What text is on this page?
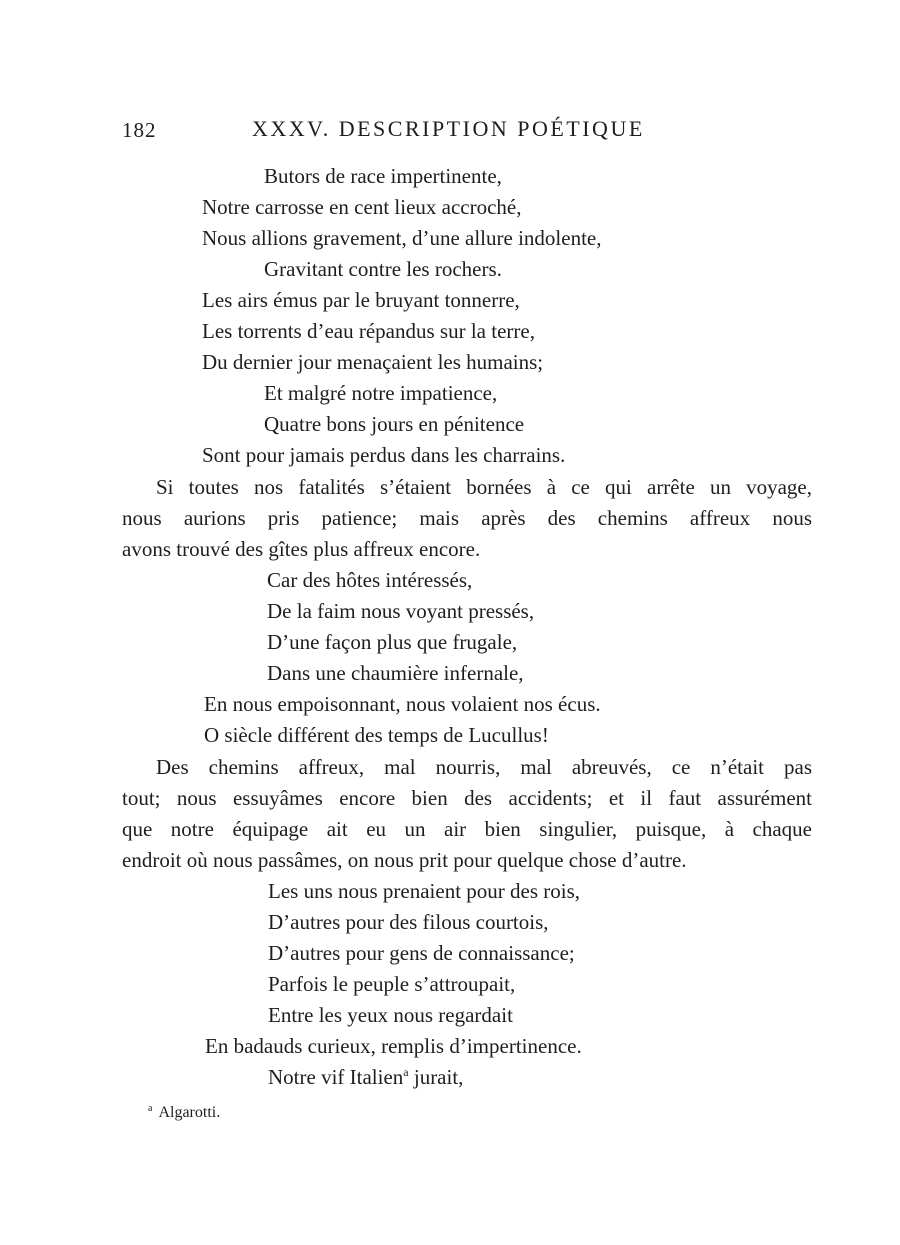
182	XXXV. DESCRIPTION POÉTIQUE
Butors de race impertinente,
Notre carrosse en cent lieux accroché,
Nous allions gravement, d’une allure indolente,
Gravitant contre les rochers.
Les airs émus par le bruyant tonnerre,
Les torrents d’eau répandus sur la terre,
Du dernier jour menaçaient les humains;
Et malgré notre impatience,
Quatre bons jours en pénitence
Sont pour jamais perdus dans les charrains.
Si toutes nos fatalités s’étaient bornées à ce qui arrête un voyage,
nous aurions pris patience; mais après des chemins affreux nous
avons trouvé des gîtes plus affreux encore.
Car des hôtes intéressés,
De la faim nous voyant pressés,
D’une façon plus que frugale,
Dans une chaumière infernale,
En nous empoisonnant, nous volaient nos écus.
O siècle différent des temps de Lucullus!
Des chemins affreux, mal nourris, mal abreuvés, ce n’était pas
tout; nous essuyâmes encore bien des accidents; et il faut assurément
que notre équipage ait eu un air bien singulier, puisque, à chaque
endroit où nous passâmes, on nous prit pour quelque chose d’autre.
Les uns nous prenaient pour des rois,
D’autres pour des filous courtois,
D’autres pour gens de connaissance;
Parfois le peuple s’attroupait,
Entre les yeux nous regardait
En badauds curieux, remplis d’impertinence.
Notre vif Italien$^a$ jurait,
$^a$ Algarotti.
